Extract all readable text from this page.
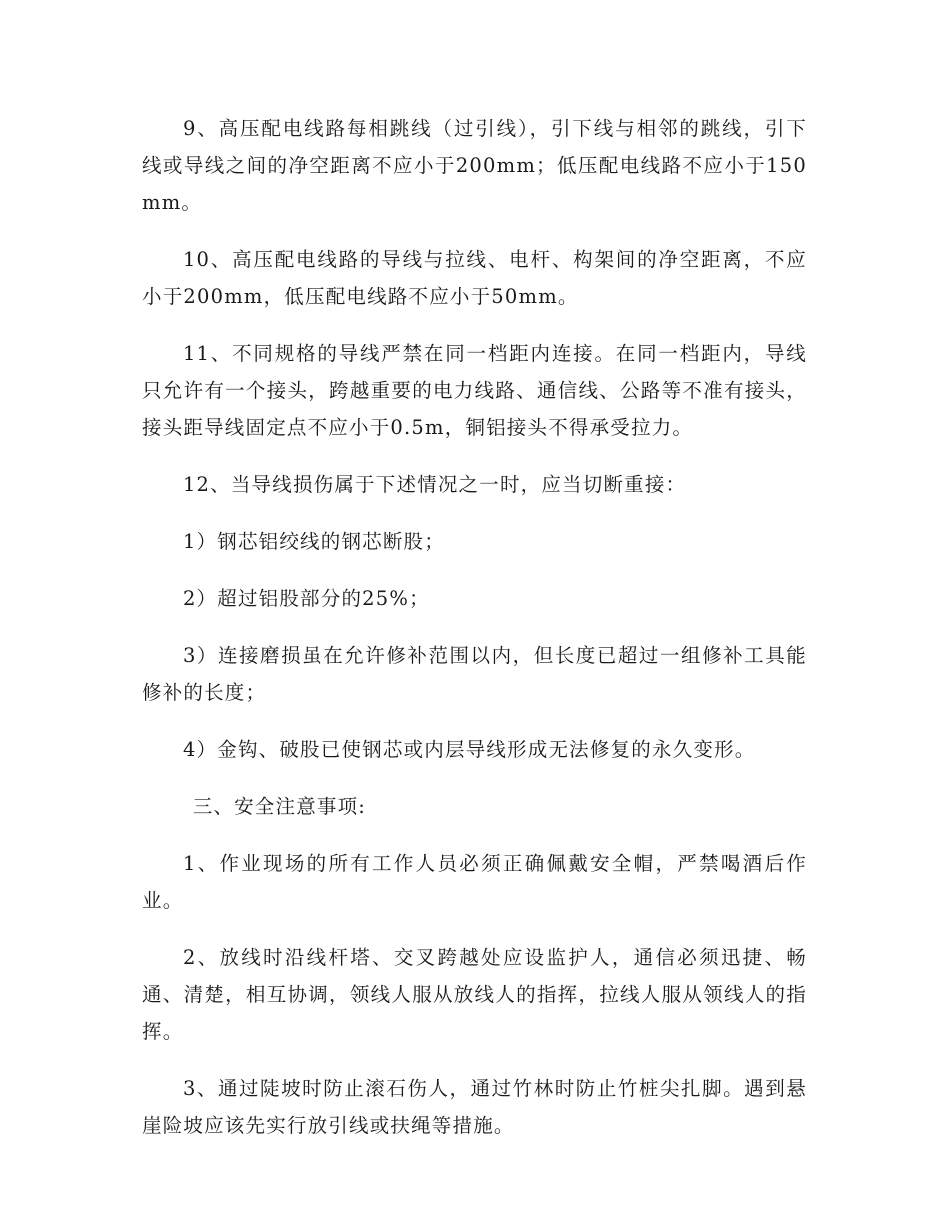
9、高压配电线路每相跳线（过引线），引下线与相邻的跳线，引下线或导线之间的净空距离不应小于200mm；低压配电线路不应小于150mm。

10、高压配电线路的导线与拉线、电杆、构架间的净空距离，不应小于200mm，低压配电线路不应小于50mm。

11、不同规格的导线严禁在同一档距内连接。在同一档距内，导线只允许有一个接头，跨越重要的电力线路、通信线、公路等不准有接头，接头距导线固定点不应小于0.5m，铜铝接头不得承受拉力。

12、当导线损伤属于下述情况之一时，应当切断重接：

1）钢芯铝绞线的钢芯断股；

2）超过铝股部分的25%；

3）连接磨损虽在允许修补范围以内，但长度已超过一组修补工具能修补的长度；

4）金钩、破股已使钢芯或内层导线形成无法修复的永久变形。

三、安全注意事项:

1、作业现场的所有工作人员必须正确佩戴安全帽，严禁喝酒后作业。

2、放线时沿线杆塔、交叉跨越处应设监护人，通信必须迅捷、畅通、清楚，相互协调，领线人服从放线人的指挥，拉线人服从领线人的指挥。

3、通过陡坡时防止滚石伤人，通过竹林时防止竹桩尖扎脚。遇到悬崖险坡应该先实行放引线或扶绳等措施。
